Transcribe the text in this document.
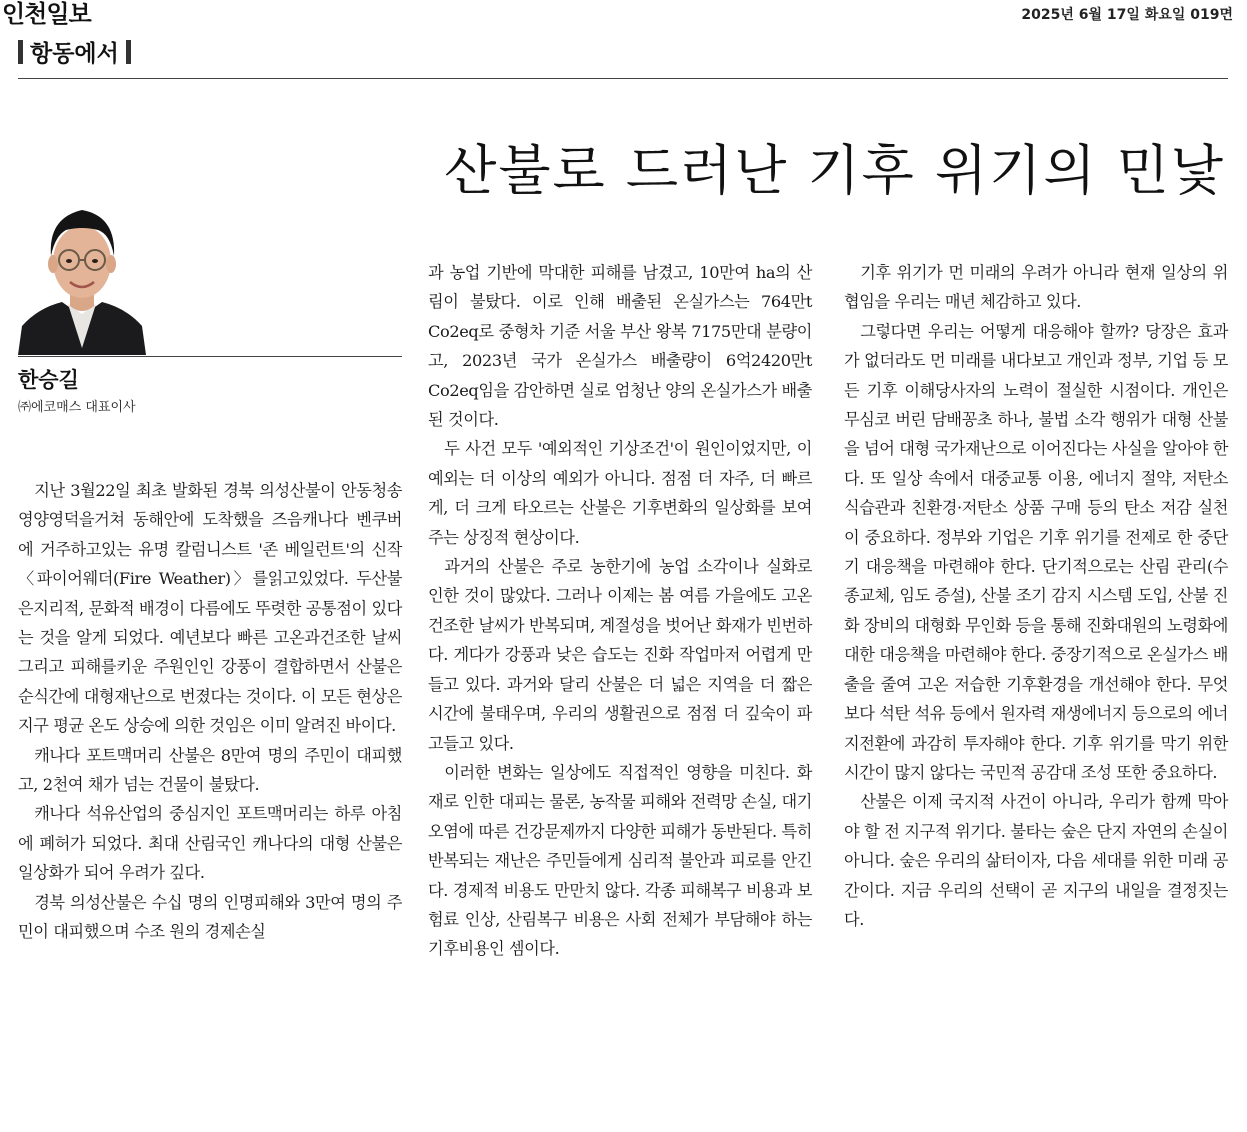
인천일보	2025년 6월 17일 화요일 019면
항동에서
산불로 드러난 기후 위기의 민낯
한승길
㈜에코매스 대표이사

지난 3월22일 최초 발화된 경북 의성산불이 안동청송영양영덕을거쳐 동해안에 도착했을 즈음캐나다 벤쿠버에 거주하고있는 유명 칼럼니스트 '존 베일런트'의 신작 〈파이어웨더(Fire Weather)〉를읽고있었다. 두산불은지리적, 문화적 배경이 다름에도 뚜렷한 공통점이 있다는 것을 알게 되었다. 예년보다 빠른 고온과건조한 날씨 그리고 피해를키운 주원인인 강풍이 결합하면서 산불은 순식간에 대형재난으로 번졌다는 것이다. 이 모든 현상은 지구 평균 온도 상승에 의한 것임은 이미 알려진 바이다.

캐나다 포트맥머리 산불은 8만여 명의 주민이 대피했고, 2천여 채가 넘는 건물이 불탔다.

캐나다 석유산업의 중심지인 포트맥머리는 하루 아침에 폐허가 되었다. 최대 산림국인 캐나다의 대형 산불은 일상화가 되어 우려가 깊다.

경북 의성산불은 수십 명의 인명피해와 3만여 명의 주민이 대피했으며 수조 원의 경제손실

과 농업 기반에 막대한 피해를 남겼고, 10만여 ha의 산림이 불탔다. 이로 인해 배출된 온실가스는 764만t Co2eq로 중형차 기준 서울 부산 왕복 7175만대 분량이고, 2023년 국가 온실가스 배출량이 6억2420만t Co2eq임을 감안하면 실로 엄청난 양의 온실가스가 배출된 것이다.

두 사건 모두 '예외적인 기상조건'이 원인이었지만, 이 예외는 더 이상의 예외가 아니다. 점점 더 자주, 더 빠르게, 더 크게 타오르는 산불은 기후변화의 일상화를 보여주는 상징적 현상이다.

과거의 산불은 주로 농한기에 농업 소각이나 실화로 인한 것이 많았다. 그러나 이제는 봄 여름 가을에도 고온 건조한 날씨가 반복되며, 계절성을 벗어난 화재가 빈번하다. 게다가 강풍과 낮은 습도는 진화 작업마저 어렵게 만들고 있다. 과거와 달리 산불은 더 넓은 지역을 더 짧은 시간에 불태우며, 우리의 생활권으로 점점 더 깊숙이 파고들고 있다.

이러한 변화는 일상에도 직접적인 영향을 미친다. 화재로 인한 대피는 물론, 농작물 피해와 전력망 손실, 대기오염에 따른 건강문제까지 다양한 피해가 동반된다. 특히 반복되는 재난은 주민들에게 심리적 불안과 피로를 안긴다. 경제적 비용도 만만치 않다. 각종 피해복구 비용과 보험료 인상, 산림복구 비용은 사회 전체가 부담해야 하는 기후비용인 셈이다.

기후 위기가 먼 미래의 우려가 아니라 현재 일상의 위협임을 우리는 매년 체감하고 있다.

그렇다면 우리는 어떻게 대응해야 할까? 당장은 효과가 없더라도 먼 미래를 내다보고 개인과 정부, 기업 등 모든 기후 이해당사자의 노력이 절실한 시점이다. 개인은 무심코 버린 담배꽁초 하나, 불법 소각 행위가 대형 산불을 넘어 대형 국가재난으로 이어진다는 사실을 알아야 한다. 또 일상 속에서 대중교통 이용, 에너지 절약, 저탄소 식습관과 친환경·저탄소 상품 구매 등의 탄소 저감 실천이 중요하다. 정부와 기업은 기후 위기를 전제로 한 중단기 대응책을 마련해야 한다. 단기적으로는 산림 관리(수종교체, 임도 증설), 산불 조기 감지 시스템 도입, 산불 진화 장비의 대형화 무인화 등을 통해 진화대원의 노령화에 대한 대응책을 마련해야 한다. 중장기적으로 온실가스 배출을 줄여 고온 저습한 기후환경을 개선해야 한다. 무엇보다 석탄 석유 등에서 원자력 재생에너지 등으로의 에너지전환에 과감히 투자해야 한다. 기후 위기를 막기 위한 시간이 많지 않다는 국민적 공감대 조성 또한 중요하다.

산불은 이제 국지적 사건이 아니라, 우리가 함께 막아야 할 전 지구적 위기다. 불타는 숲은 단지 자연의 손실이 아니다. 숲은 우리의 삶터이자, 다음 세대를 위한 미래 공간이다. 지금 우리의 선택이 곧 지구의 내일을 결정짓는다.
